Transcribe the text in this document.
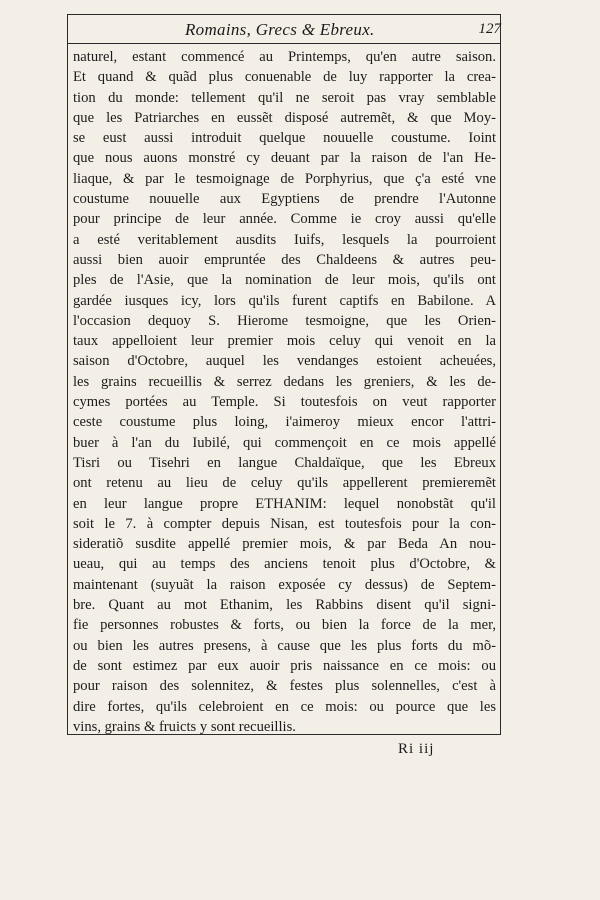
Romains, Grecs & Ebreux.	127
naturel, estant commencé au Printemps, qu'en autre saison.
Et quand & quãd plus conuenable de luy rapporter la crea-
tion du monde: tellement qu'il ne seroit pas vray semblable
que les Patriarches en eussẽt disposé autremẽt, & que Moy-
se eust aussi introduit quelque nouuelle coustume. Ioint
que nous auons monstré cy deuant par la raison de l'an He-
liaque, & par le tesmoignage de Porphyrius, que ç'a esté vne
coustume nouuelle aux Egyptiens de prendre l'Autonne
pour principe de leur année. Comme ie croy aussi qu'elle
a esté veritablement ausdits Iuifs, lesquels la pourroient
aussi bien auoir empruntée des Chaldeens & autres peu-
ples de l'Asie, que la nomination de leur mois, qu'ils ont
gardée iusques icy, lors qu'ils furent captifs en Babilone. A
l'occasion dequoy S. Hierome tesmoigne, que les Orien-
taux appelloient leur premier mois celuy qui venoit en la
saison d'Octobre, auquel les vendanges estoient acheuées,
les grains recueillis & serrez dedans les greniers, & les de-
cymes portées au Temple. Si toutesfois on veut rapporter
ceste coustume plus loing, i'aimeroy mieux encor l'attri-
buer à l'an du Iubilé, qui commençoit en ce mois appellé
Tisri ou Tisehri en langue Chaldaïque, que les Ebreux
ont retenu au lieu de celuy qu'ils appellerent premieremẽt
en leur langue propre ETHANIM: lequel nonobstãt qu'il
soit le 7. à compter depuis Nisan, est toutesfois pour la con-
sideratiõ susdite appellé premier mois, & par Beda An nou-
ueau, qui au temps des anciens tenoit plus d'Octobre, &
maintenant (suyuãt la raison exposée cy dessus) de Septem-
bre. Quant au mot Ethanim, les Rabbins disent qu'il signi-
fie personnes robustes & forts, ou bien la force de la mer,
ou bien les autres presens, à cause que les plus forts du mõ-
de sont estimez par eux auoir pris naissance en ce mois: ou
pour raison des solennitez, & festes plus solennelles, c'est à
dire fortes, qu'ils celebroient en ce mois: ou pource que les
vins, grains & fruicts y sont recueillis.
Ri iij
